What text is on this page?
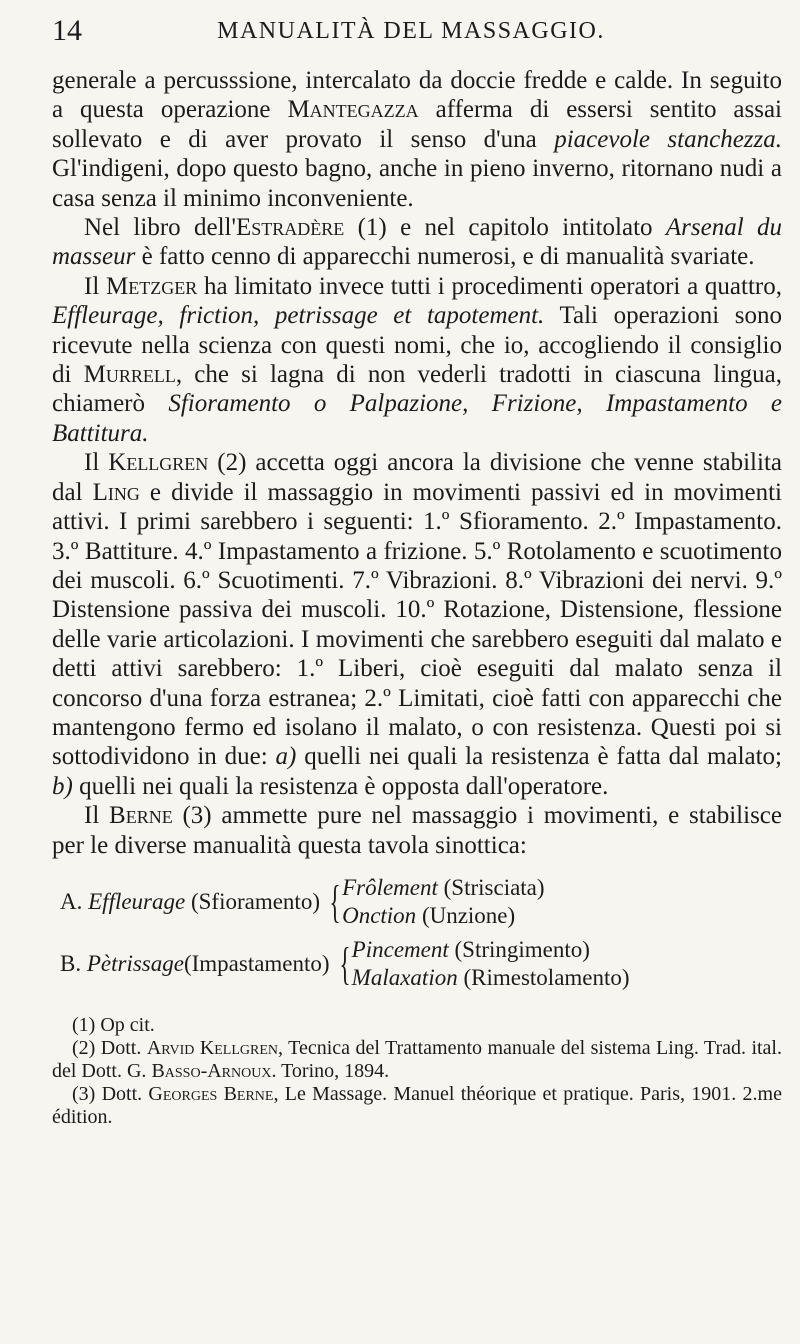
14	MANUALITÀ DEL MASSAGGIO.

generale a percusssione, intercalato da doccie fredde e calde. In seguito a questa operazione Mantegazza afferma di essersi sentito assai sollevato e di aver provato il senso d'una piacevole stanchezza. Gl'indigeni, dopo questo bagno, anche in pieno inverno, ritornano nudi a casa senza il minimo inconveniente.

Nel libro dell'Estradère (1) e nel capitolo intitolato Arsenal du masseur è fatto cenno di apparecchi numerosi, e di manualità svariate.

Il Metzger ha limitato invece tutti i procedimenti operatori a quattro, Effleurage, friction, petrissage et tapotement. Tali operazioni sono ricevute nella scienza con questi nomi, che io, accogliendo il consiglio di Murrell, che si lagna di non vederli tradotti in ciascuna lingua, chiamerò Sfioramento o Palpazione, Frizione, Impastamento e Battitura.

Il Kellgren (2) accetta oggi ancora la divisione che venne stabilita dal Ling e divide il massaggio in movimenti passivi ed in movimenti attivi. I primi sarebbero i seguenti: 1.º Sfioramento. 2.º Impastamento. 3.º Battiture. 4.º Impastamento a frizione. 5.º Rotolamento e scuotimento dei muscoli. 6.º Scuotimenti. 7.º Vibrazioni. 8.º Vibrazioni dei nervi. 9.º Distensione passiva dei muscoli. 10.º Rotazione, Distensione, flessione delle varie articolazioni. I movimenti che sarebbero eseguiti dal malato e detti attivi sarebbero: 1.º Liberi, cioè eseguiti dal malato senza il concorso d'una forza estranea; 2.º Limitati, cioè fatti con apparecchi che mantengono fermo ed isolano il malato, o con resistenza. Questi poi si sottodividono in due: a) quelli nei quali la resistenza è fatta dal malato; b) quelli nei quali la resistenza è opposta dall'operatore.

Il Berne (3) ammette pure nel massaggio i movimenti, e stabilisce per le diverse manualità questa tavola sinottica:

A. Effleurage (Sfioramento) { Frôlement (Strisciata)
Onction (Unzione)
B. Pètrissage(Impastamento) { Pincement (Stringimento)
Malaxation (Rimestolamento)

(1) Op cit.

(2) Dott. Arvid Kellgren, Tecnica del Trattamento manuale del sistema Ling. Trad. ital. del Dott. G. Basso-Arnoux. Torino, 1894.

(3) Dott. Georges Berne, Le Massage. Manuel théorique et pratique. Paris, 1901. 2.me édition.
